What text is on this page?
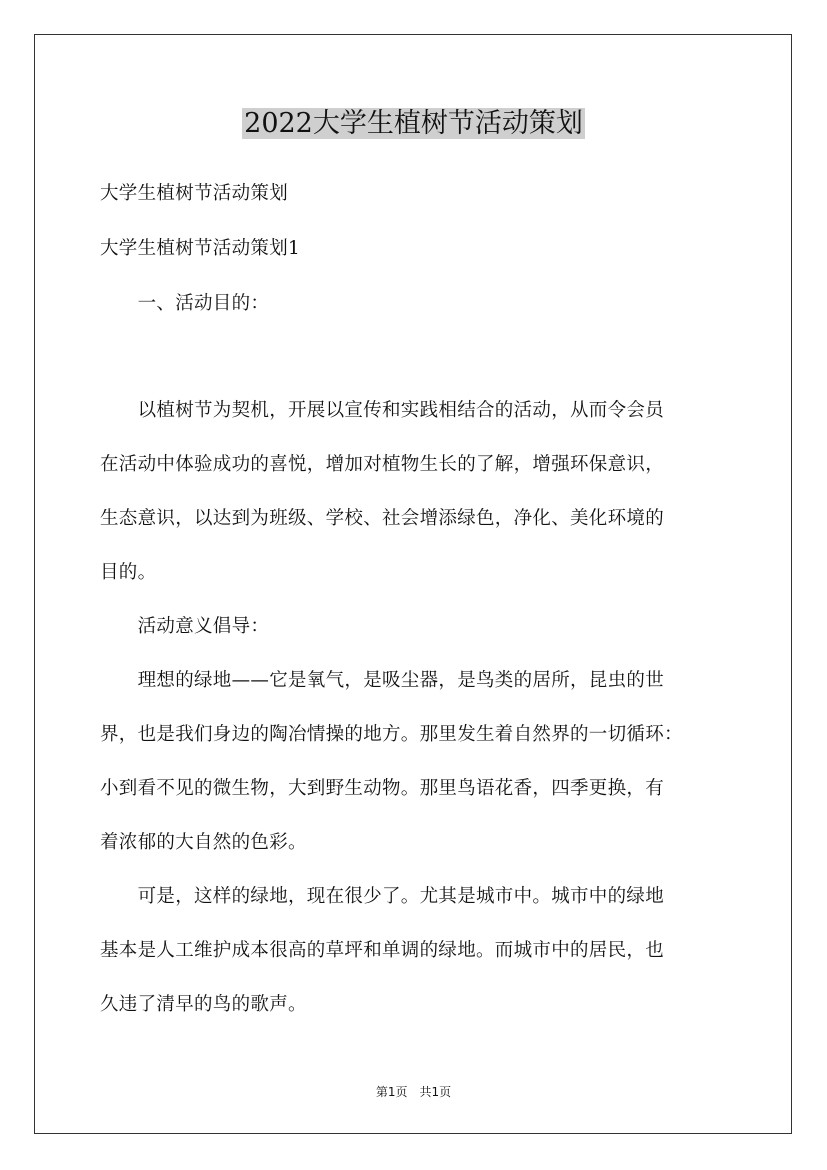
2022大学生植树节活动策划
大学生植树节活动策划
大学生植树节活动策划1
　　一、活动目的：
　　以植树节为契机，开展以宣传和实践相结合的活动，从而令会员
在活动中体验成功的喜悦，增加对植物生长的了解，增强环保意识，
生态意识，以达到为班级、学校、社会增添绿色，净化、美化环境的
目的。
　　活动意义倡导：
　　理想的绿地——它是氧气，是吸尘器，是鸟类的居所，昆虫的世
界，也是我们身边的陶冶情操的地方。那里发生着自然界的一切循环：
小到看不见的微生物，大到野生动物。那里鸟语花香，四季更换，有
着浓郁的大自然的色彩。
　　可是，这样的绿地，现在很少了。尤其是城市中。城市中的绿地
基本是人工维护成本很高的草坪和单调的绿地。而城市中的居民，也
久违了清早的鸟的歌声。
第1页　共1页
